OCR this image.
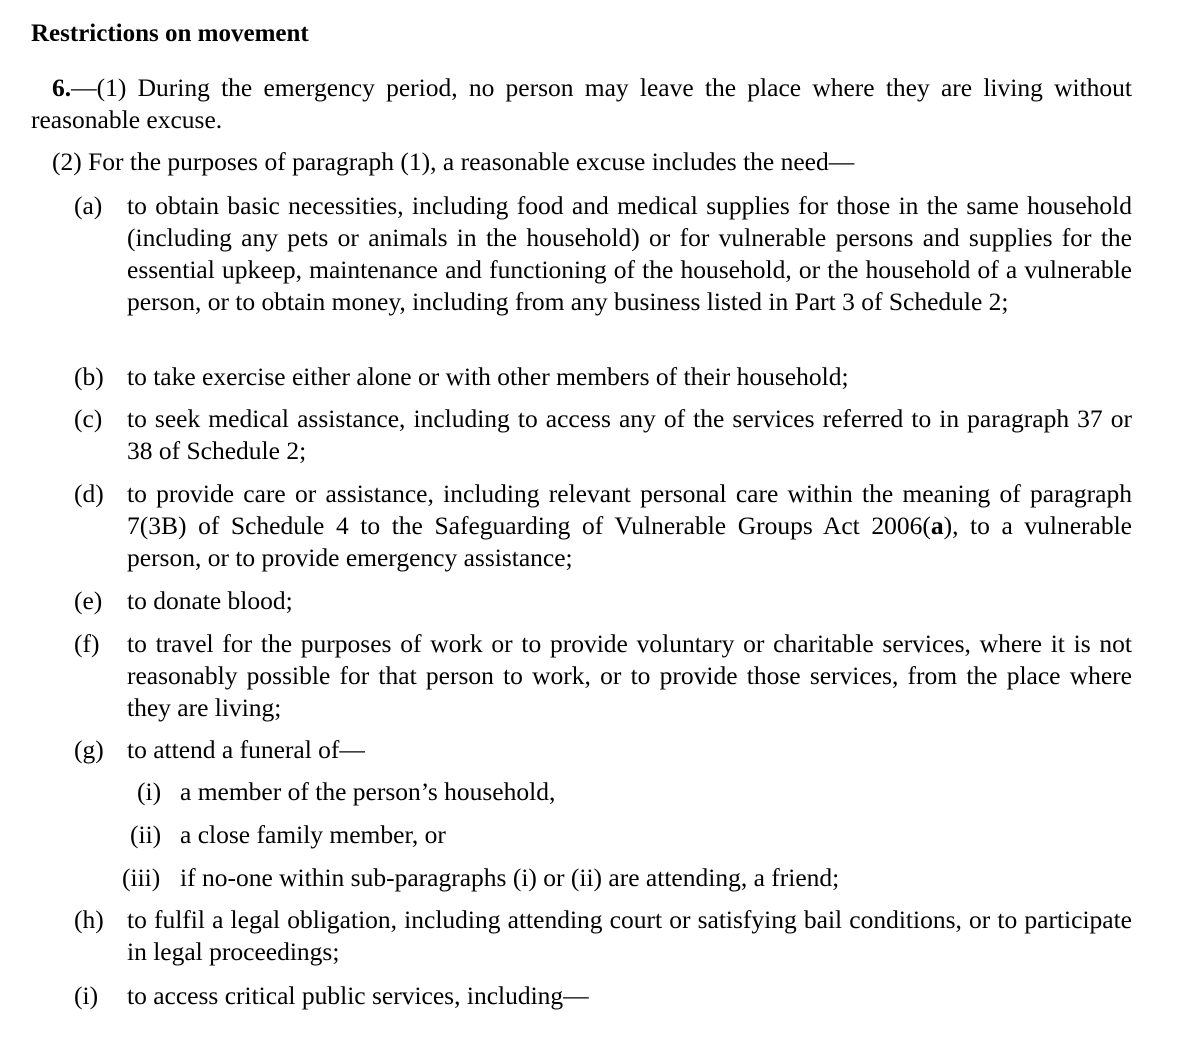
Restrictions on movement
6.—(1) During the emergency period, no person may leave the place where they are living without reasonable excuse.
(2) For the purposes of paragraph (1), a reasonable excuse includes the need—
(a) to obtain basic necessities, including food and medical supplies for those in the same household (including any pets or animals in the household) or for vulnerable persons and supplies for the essential upkeep, maintenance and functioning of the household, or the household of a vulnerable person, or to obtain money, including from any business listed in Part 3 of Schedule 2;
(b) to take exercise either alone or with other members of their household;
(c) to seek medical assistance, including to access any of the services referred to in paragraph 37 or 38 of Schedule 2;
(d) to provide care or assistance, including relevant personal care within the meaning of paragraph 7(3B) of Schedule 4 to the Safeguarding of Vulnerable Groups Act 2006(a), to a vulnerable person, or to provide emergency assistance;
(e) to donate blood;
(f) to travel for the purposes of work or to provide voluntary or charitable services, where it is not reasonably possible for that person to work, or to provide those services, from the place where they are living;
(g) to attend a funeral of—
(i) a member of the person’s household,
(ii) a close family member, or
(iii) if no-one within sub-paragraphs (i) or (ii) are attending, a friend;
(h) to fulfil a legal obligation, including attending court or satisfying bail conditions, or to participate in legal proceedings;
(i) to access critical public services, including—
